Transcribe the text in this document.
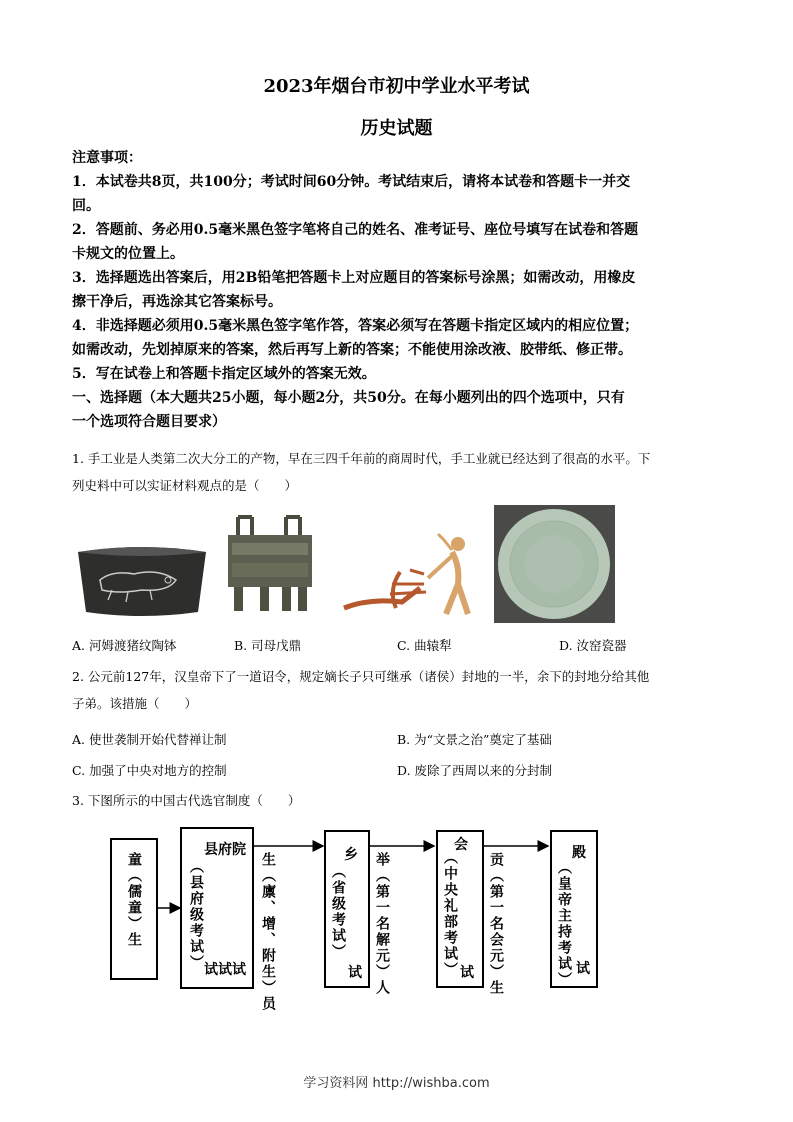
2023年烟台市初中学业水平考试
历史试题
注意事项：
1．本试卷共8页，共100分；考试时间60分钟。考试结束后，请将本试卷和答题卡一并交
回。
2．答题前、务必用0.5毫米黑色签字笔将自己的姓名、准考证号、座位号填写在试卷和答题
卡规文的位置上。
3．选择题选出答案后，用2B铅笔把答题卡上对应题目的答案标号涂黑；如需改动，用橡皮
擦干净后，再选涂其它答案标号。
4．非选择题必须用0.5毫米黑色签字笔作答，答案必须写在答题卡指定区域内的相应位置；
如需改动，先划掉原来的答案，然后再写上新的答案；不能使用涂改液、胶带纸、修正带。
5．写在试卷上和答题卡指定区域外的答案无效。
一、选择题（本大题共25小题，每小题2分，共50分。在每小题列出的四个选项中，只有
一个选项符合题目要求）
1. 手工业是人类第二次大分工的产物，早在三四千年前的商周时代，手工业就已经达到了很高的水平。下
列史料中可以实证材料观点的是（　　）
A. 河姆渡猪纹陶钵	B. 司母戊鼎	C. 曲辕犁	D. 汝窑瓷器
2. 公元前127年，汉皇帝下了一道诏令，规定嫡长子只可继承（诸侯）封地的一半，余下的封地分给其他
子弟。该措施（　　）
A. 使世袭制开始代替禅让制	B. 为“文景之治”奠定了基础
C. 加强了中央对地方的控制	D. 废除了西周以来的分封制
3. 下图所示的中国古代选官制度（　　）
童（儒童）生
县府院
（县府级考试） 试试试 生（廪、增、附生）员	乡
（省级考试）
试 举（第一名解元）人
会
（中央礼部考试） 试 贡（第一名会元）生	殿
（皇帝主持考试） 试
学习资料网 http://wishba.com
